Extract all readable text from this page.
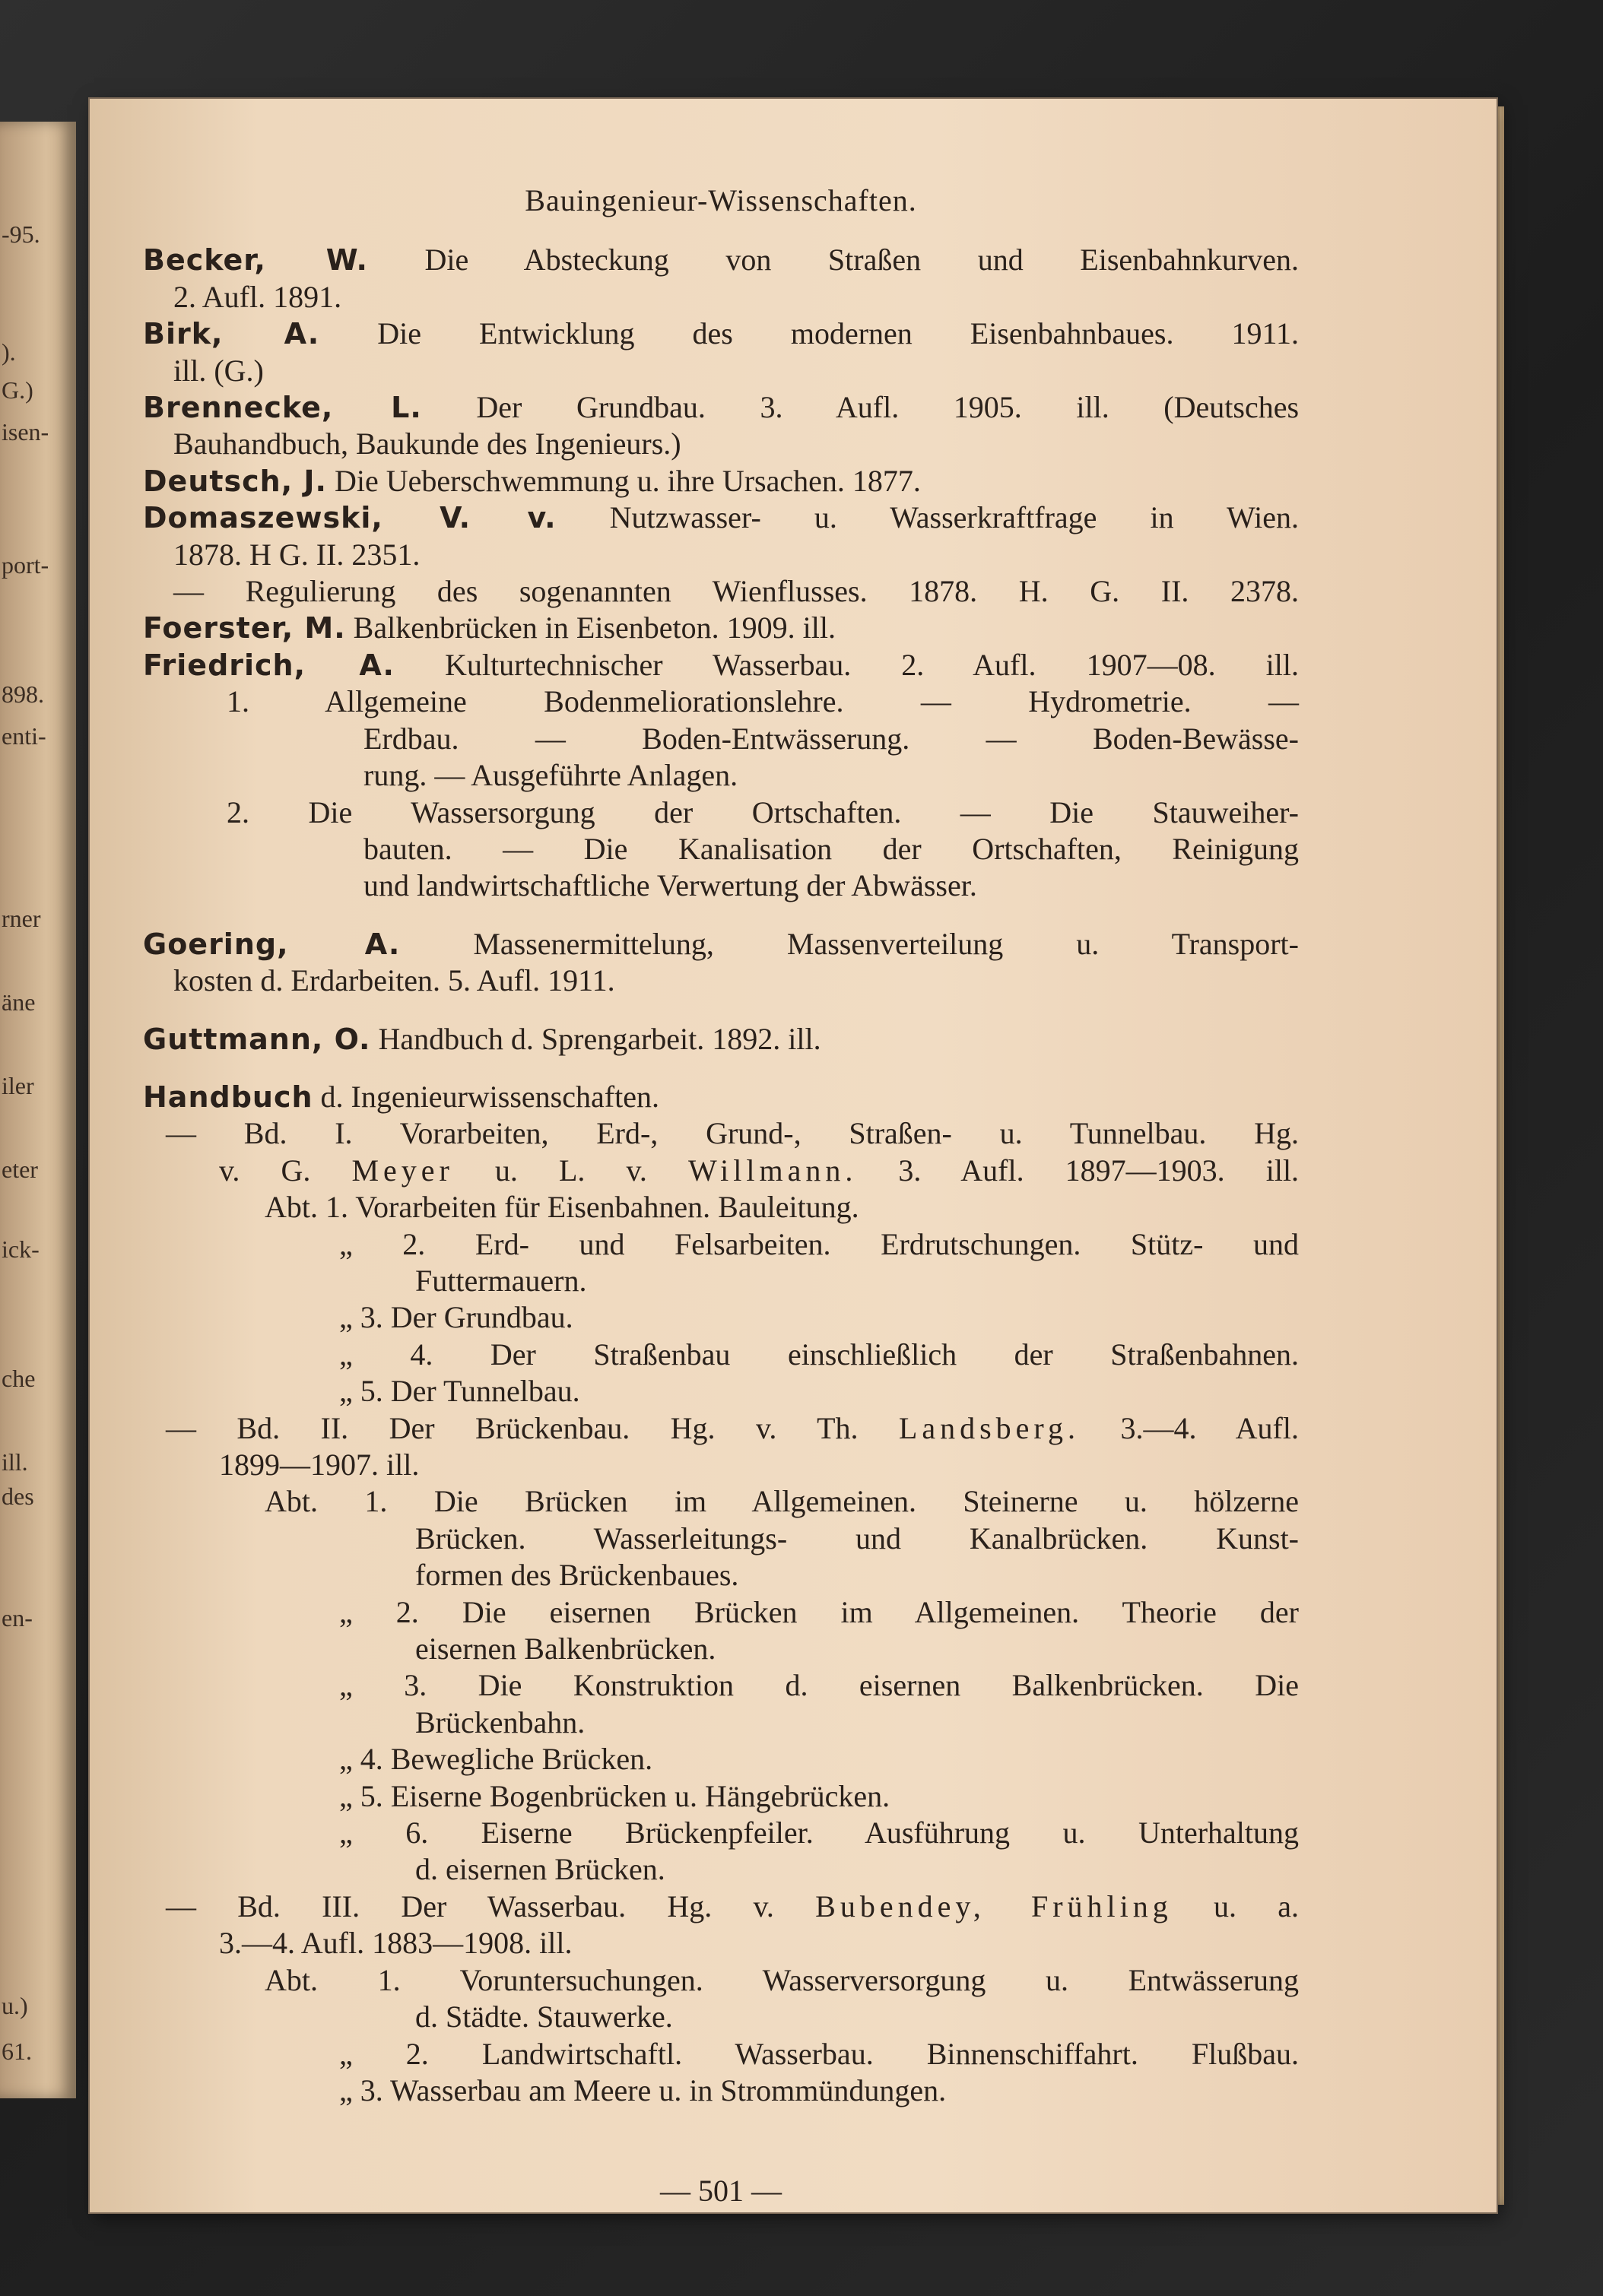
-95.
).
G.)
isen-
port-
898.
enti-
rner
äne
iler
eter
ick-
che
ill.
des
en-
u.)
61.
Bauingenieur-Wissenschaften.
Becker, W. Die Absteckung von Straßen und Eisenbahnkurven.
2. Aufl. 1891.
Birk, A. Die Entwicklung des modernen Eisenbahnbaues. 1911.
ill. (G.)
Brennecke, L. Der Grundbau. 3. Aufl. 1905. ill. (Deutsches
Bauhandbuch, Baukunde des Ingenieurs.)
Deutsch, J. Die Ueberschwemmung u. ihre Ursachen. 1877.
Domaszewski, V. v. Nutzwasser- u. Wasserkraftfrage in Wien.
1878. H G. II. 2351.
— Regulierung des sogenannten Wienflusses. 1878. H. G. II. 2378.
Foerster, M. Balkenbrücken in Eisenbeton. 1909. ill.
Friedrich, A. Kulturtechnischer Wasserbau. 2. Aufl. 1907—08. ill.
1. Allgemeine Bodenmeliorationslehre. — Hydrometrie. —
Erdbau. — Boden-Entwässerung. — Boden-Bewässe-
rung. — Ausgeführte Anlagen.
2. Die Wassersorgung der Ortschaften. — Die Stauweiher-
bauten. — Die Kanalisation der Ortschaften, Reinigung
und landwirtschaftliche Verwertung der Abwässer.
Goering, A. Massenermittelung, Massenverteilung u. Transport-
kosten d. Erdarbeiten. 5. Aufl. 1911.
Guttmann, O. Handbuch d. Sprengarbeit. 1892. ill.
Handbuch d. Ingenieurwissenschaften.
— Bd. I. Vorarbeiten, Erd-, Grund-, Straßen- u. Tunnelbau. Hg.
v. G. Meyer u. L. v. Willmann. 3. Aufl. 1897—1903. ill.
Abt. 1. Vorarbeiten für Eisenbahnen. Bauleitung.
„ 2. Erd- und Felsarbeiten. Erdrutschungen. Stütz- und
Futtermauern.
„ 3. Der Grundbau.
„ 4. Der Straßenbau einschließlich der Straßenbahnen.
„ 5. Der Tunnelbau.
— Bd. II. Der Brückenbau. Hg. v. Th. Landsberg. 3.—4. Aufl.
1899—1907. ill.
Abt. 1. Die Brücken im Allgemeinen. Steinerne u. hölzerne
Brücken. Wasserleitungs- und Kanalbrücken. Kunst-
formen des Brückenbaues.
„ 2. Die eisernen Brücken im Allgemeinen. Theorie der
eisernen Balkenbrücken.
„ 3. Die Konstruktion d. eisernen Balkenbrücken. Die
Brückenbahn.
„ 4. Bewegliche Brücken.
„ 5. Eiserne Bogenbrücken u. Hängebrücken.
„ 6. Eiserne Brückenpfeiler. Ausführung u. Unterhaltung
d. eisernen Brücken.
— Bd. III. Der Wasserbau. Hg. v. Bubendey, Frühling u. a.
3.—4. Aufl. 1883—1908. ill.
Abt. 1. Voruntersuchungen. Wasserversorgung u. Entwässerung
d. Städte. Stauwerke.
„ 2. Landwirtschaftl. Wasserbau. Binnenschiffahrt. Flußbau.
„ 3. Wasserbau am Meere u. in Strommündungen.
— 501 —
